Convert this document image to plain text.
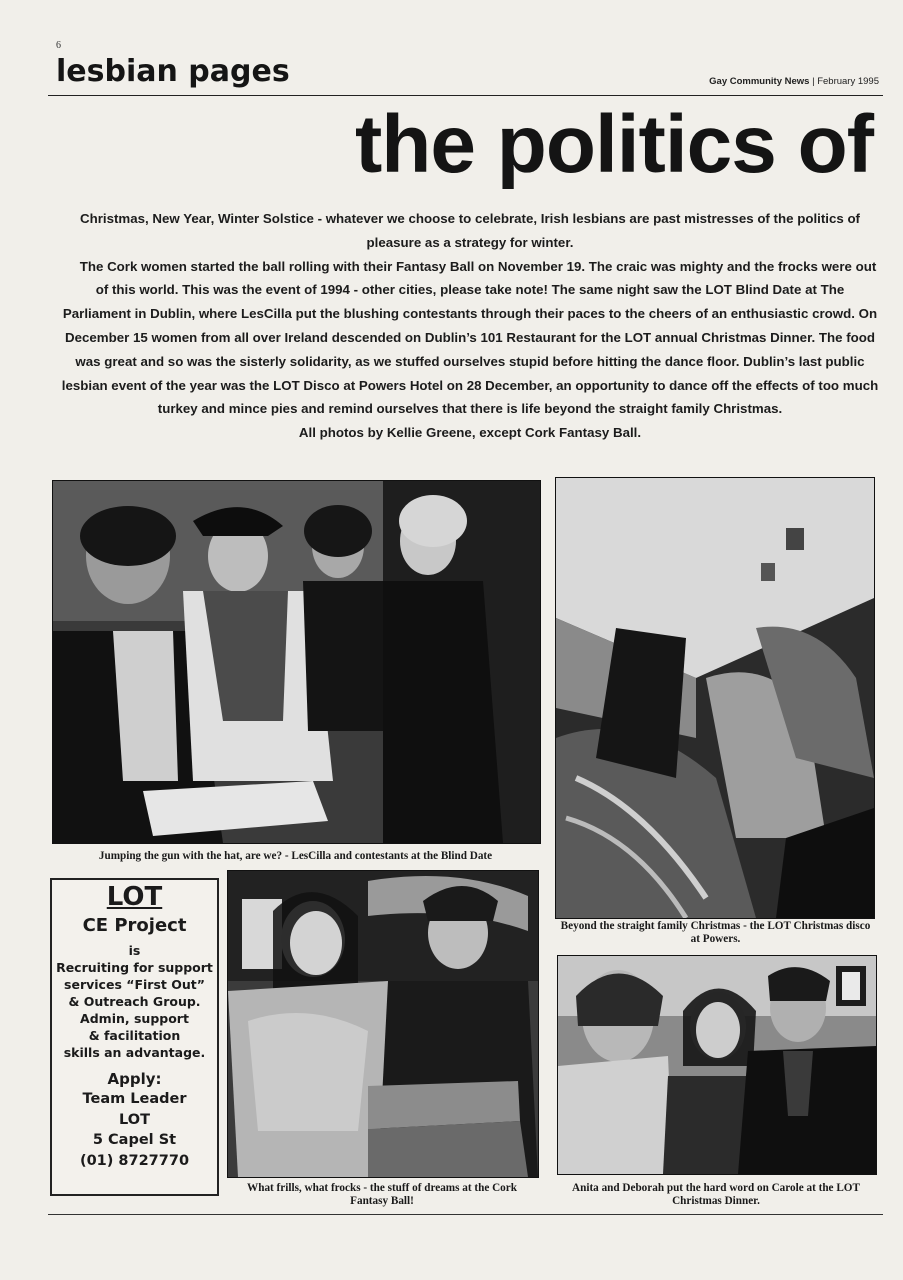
6
lesbian pages	Gay Community News | February 1995
the politics of

Christmas, New Year, Winter Solstice - whatever we choose to celebrate, Irish lesbians are past mistresses of the politics of pleasure as a strategy for winter.

The Cork women started the ball rolling with their Fantasy Ball on November 19. The craic was mighty and the frocks were out of this world. This was the event of 1994 - other cities, please take note! The same night saw the LOT Blind Date at The Parliament in Dublin, where LesCilla put the blushing contestants through their paces to the cheers of an enthusiastic crowd. On December 15 women from all over Ireland descended on Dublin’s 101 Restaurant for the LOT annual Christmas Dinner. The food was great and so was the sisterly solidarity, as we stuffed ourselves stupid before hitting the dance floor. Dublin’s last public lesbian event of the year was the LOT Disco at Powers Hotel on 28 December, an opportunity to dance off the effects of too much turkey and mince pies and remind ourselves that there is life beyond the straight family Christmas.

All photos by Kellie Greene, except Cork Fantasy Ball.

Jumping the gun with the hat, are we? - LesCilla and contestants at the Blind Date
Beyond the straight family Christmas - the LOT Christmas disco at Powers.
LOT
CE Project
is
Recruiting for support
services “First Out”
& Outreach Group.
Admin, support
& facilitation
skills an advantage.
Apply:
Team Leader
LOT
5 Capel St
(01) 8727770
What frills, what frocks - the stuff of dreams at the Cork Fantasy Ball!
Anita and Deborah put the hard word on Carole at the LOT Christmas Dinner.
